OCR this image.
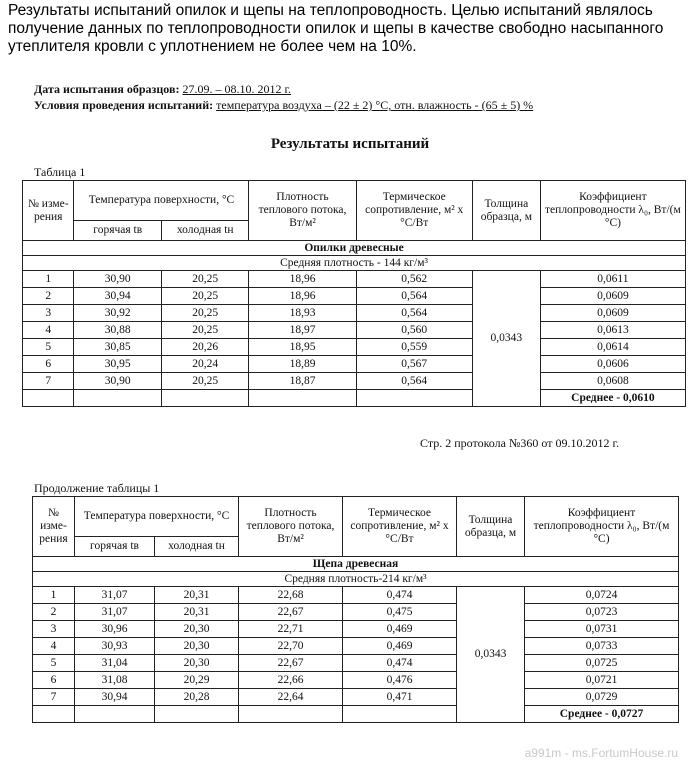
Результаты испытаний опилок и щепы на теплопроводность. Целью испытаний являлось получение данных по теплопроводности опилок и щепы в качестве свободно насыпанного утеплителя кровли с уплотнением не более чем на 10%.
Дата испытания образцов: 27.09. – 08.10. 2012 г.
Условия проведения испытаний: температура воздуха – (22 ± 2) °С, отн. влажность - (65 ± 5) %
Результаты испытаний
Таблица 1
№ изме- рения	Температура поверхности, °С		Плотность теплового потока, Вт/м²	Термическое сопротивление, м² х °С/Вт	Толщина образца, м	Коэффициент теплопроводности λ₀, Вт/(м °С)
	горячая tв	холодная tн				
Опилки древесные						
Средняя плотность - 144 кг/м³						
1	30,90	20,25	18,96	0,562	0,0343	0,0611
2	30,94	20,25	18,96	0,564		0,0609
3	30,92	20,25	18,93	0,564		0,0609
4	30,88	20,25	18,97	0,560		0,0613
5	30,85	20,26	18,95	0,559		0,0614
6	30,95	20,24	18,89	0,567		0,0606
7	30,90	20,25	18,87	0,564		0,0608
						Среднее - 0,0610
Стр. 2 протокола №360 от 09.10.2012 г.
Продолжение таблицы 1
№ изме- рения	Температура поверхности, °С		Плотность теплового потока, Вт/м²	Термическое сопротивление, м² х °С/Вт	Толщина образца, м	Коэффициент теплопроводности λ₀, Вт/(м °С)
	горячая tв	холодная tн				
Щепа древесная						
Средняя плотность-214 кг/м³						
1	31,07	20,31	22,68	0,474	0,0343	0,0724
2	31,07	20,31	22,67	0,475		0,0723
3	30,96	20,30	22,71	0,469		0,0731
4	30,93	20,30	22,70	0,469		0,0733
5	31,04	20,30	22,67	0,474		0,0725
6	31,08	20,29	22,66	0,476		0,0721
7	30,94	20,28	22,64	0,471		0,0729
						Среднее - 0,0727
a991m - ms.FortumHouse.ru
